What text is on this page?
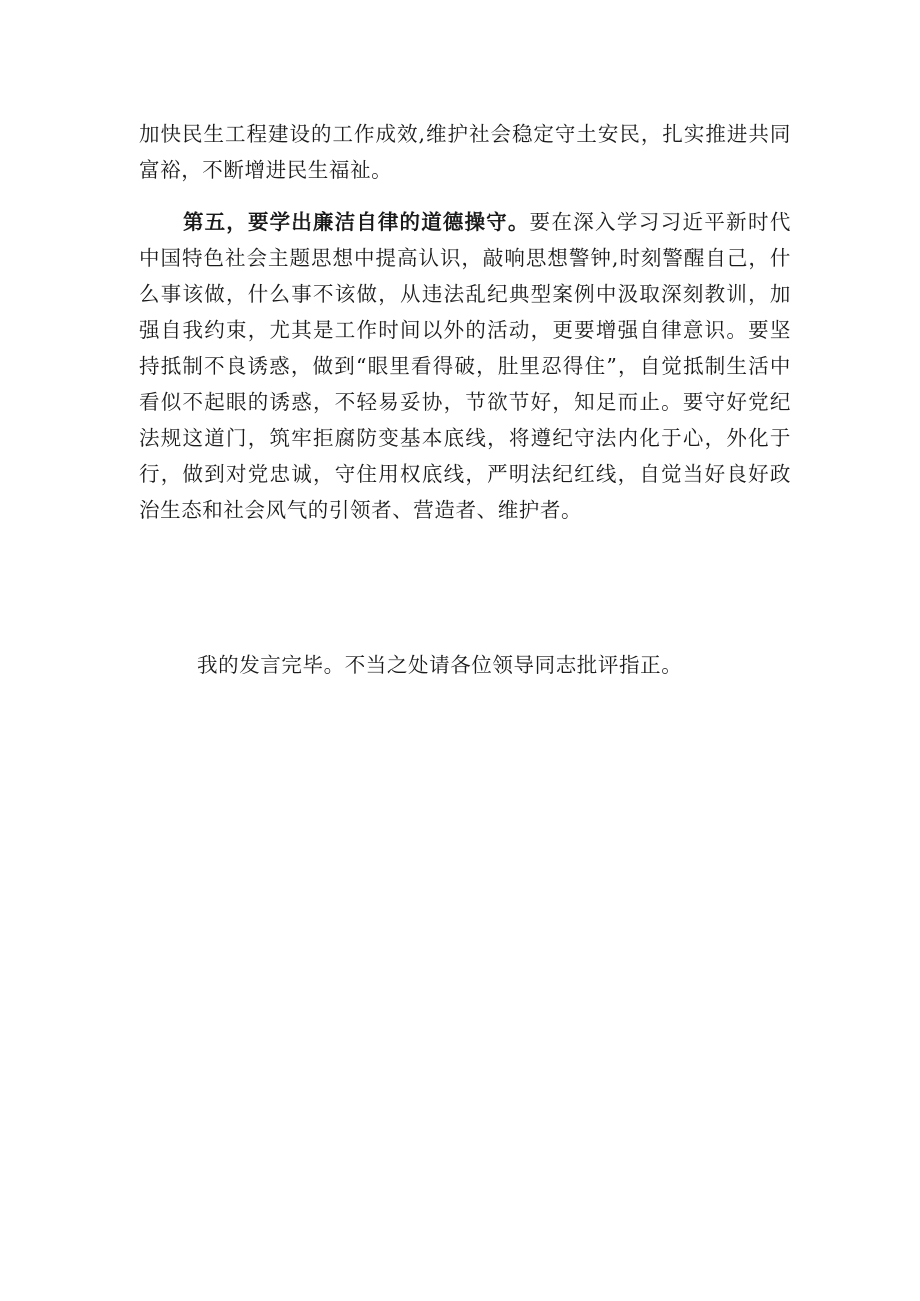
加快民生工程建设的工作成效,维护社会稳定守土安民，扎实推进共同富裕，不断增进民生福祉。

第五，要学出廉洁自律的道德操守。要在深入学习习近平新时代中国特色社会主题思想中提高认识，敲响思想警钟,时刻警醒自己，什么事该做，什么事不该做，从违法乱纪典型案例中汲取深刻教训，加强自我约束，尤其是工作时间以外的活动，更要增强自律意识。要坚持抵制不良诱惑，做到“眼里看得破，肚里忍得住”，自觉抵制生活中看似不起眼的诱惑，不轻易妥协，节欲节好，知足而止。要守好党纪法规这道门，筑牢拒腐防变基本底线，将遵纪守法内化于心，外化于行，做到对党忠诚，守住用权底线，严明法纪红线，自觉当好良好政治生态和社会风气的引领者、营造者、维护者。

我的发言完毕。不当之处请各位领导同志批评指正。
